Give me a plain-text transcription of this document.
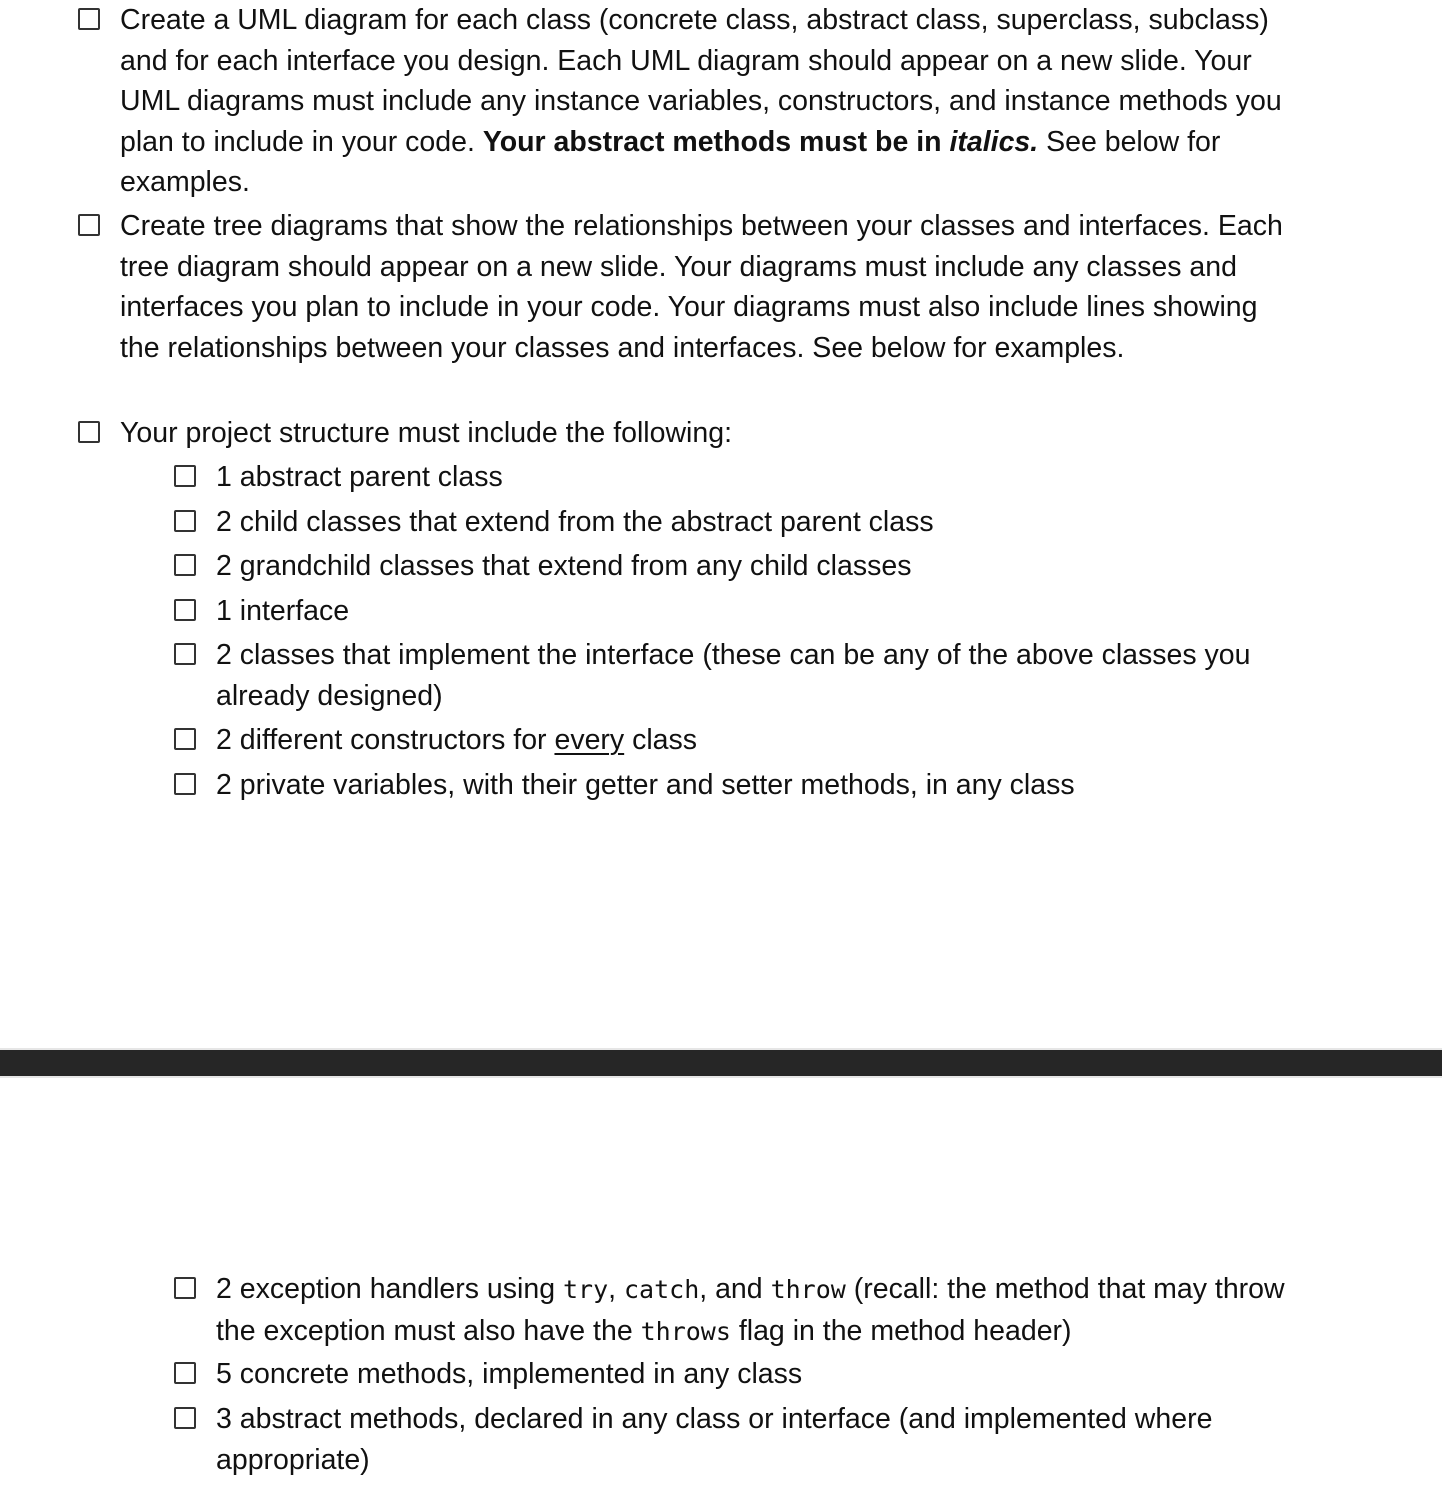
Create a UML diagram for each class (concrete class, abstract class, superclass, subclass) and for each interface you design. Each UML diagram should appear on a new slide. Your UML diagrams must include any instance variables, constructors, and instance methods you plan to include in your code. Your abstract methods must be in italics. See below for examples.
Create tree diagrams that show the relationships between your classes and interfaces. Each tree diagram should appear on a new slide. Your diagrams must include any classes and interfaces you plan to include in your code. Your diagrams must also include lines showing the relationships between your classes and interfaces. See below for examples.
Your project structure must include the following:
1 abstract parent class
2 child classes that extend from the abstract parent class
2 grandchild classes that extend from any child classes
1 interface
2 classes that implement the interface (these can be any of the above classes you already designed)
2 different constructors for every class
2 private variables, with their getter and setter methods, in any class
2 exception handlers using try, catch, and throw (recall: the method that may throw the exception must also have the throws flag in the method header)
5 concrete methods, implemented in any class
3 abstract methods, declared in any class or interface (and implemented where appropriate)
